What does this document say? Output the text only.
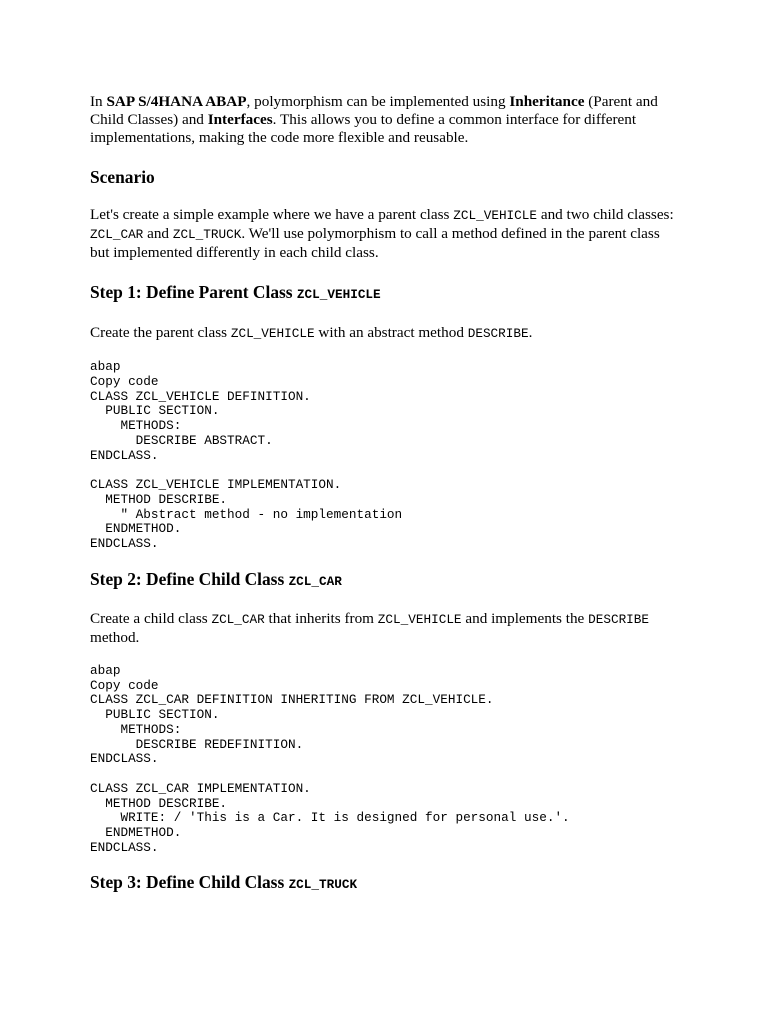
In SAP S/4HANA ABAP, polymorphism can be implemented using Inheritance (Parent and Child Classes) and Interfaces. This allows you to define a common interface for different implementations, making the code more flexible and reusable.

Scenario

Let's create a simple example where we have a parent class ZCL_VEHICLE and two child classes: ZCL_CAR and ZCL_TRUCK. We'll use polymorphism to call a method defined in the parent class but implemented differently in each child class.

Step 1: Define Parent Class ZCL_VEHICLE

Create the parent class ZCL_VEHICLE with an abstract method DESCRIBE.

abap
Copy code
CLASS ZCL_VEHICLE DEFINITION.
PUBLIC SECTION.
METHODS:
DESCRIBE ABSTRACT.
ENDCLASS.
CLASS ZCL_VEHICLE IMPLEMENTATION.
METHOD DESCRIBE.
" Abstract method - no implementation
ENDMETHOD.
ENDCLASS.
Step 2: Define Child Class ZCL_CAR

Create a child class ZCL_CAR that inherits from ZCL_VEHICLE and implements the DESCRIBE method.

abap
Copy code
CLASS ZCL_CAR DEFINITION INHERITING FROM ZCL_VEHICLE.
PUBLIC SECTION.
METHODS:
DESCRIBE REDEFINITION.
ENDCLASS.
CLASS ZCL_CAR IMPLEMENTATION.
METHOD DESCRIBE.
WRITE: / 'This is a Car. It is designed for personal use.'.
ENDMETHOD.
ENDCLASS.
Step 3: Define Child Class ZCL_TRUCK
